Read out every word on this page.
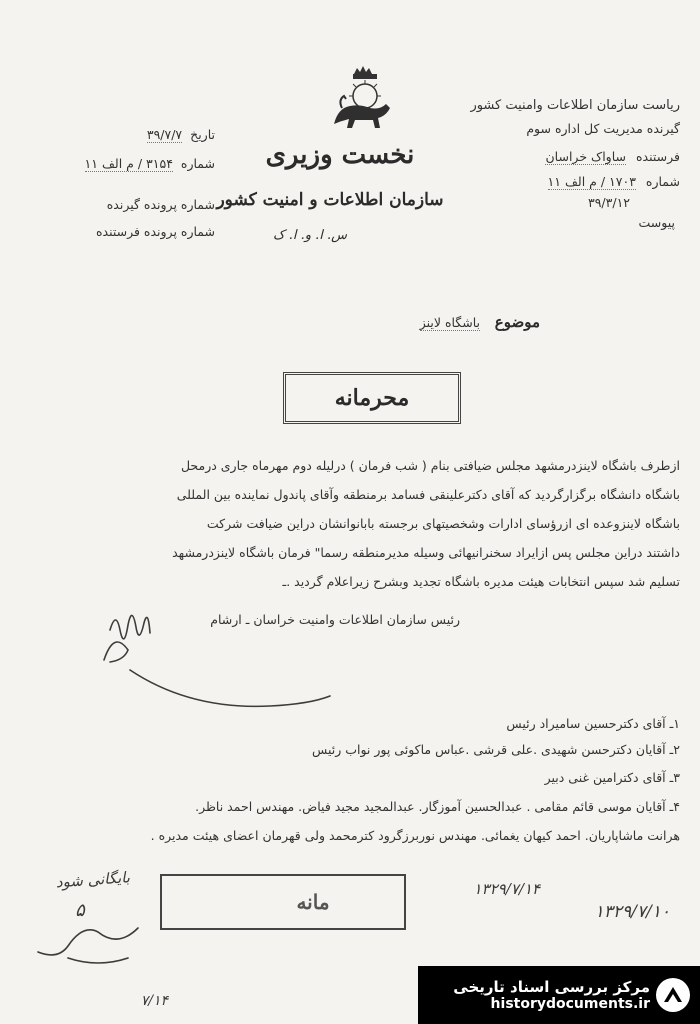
نخست وزیری
سازمان اطلاعات و امنیت کشور
س. ا. و. ا. ک
تاریخ ۳۹/۷/۷
شماره ۳۱۵۴ / م الف ۱۱
شماره پرونده گیرنده
شماره پرونده فرستنده
ریاست سازمان اطلاعات وامنیت کشور
گیرنده مدیریت کل اداره سوم
فرستنده ساواک خراسان
شماره ۱۷۰۳ / م الف ۱۱
۳۹/۳/۱۲
پیوست
موضوع باشگاه لاینز
محرمانه
ازطرف باشگاه لاینزدرمشهد مجلس ضیافتی بنام ( شب فرمان ) درلیله دوم مهرماه جاری درمحل
باشگاه دانشگاه برگزارگردید که آقای دکترعلینقی فسامد برمنطقه وآقای پاندول نماینده بین المللی
باشگاه لاینزوعده ای ازرؤسای ادارات وشخصیتهای برجسته بابانوانشان دراین ضیافت شرکت
داشتند دراین مجلس پس ازایراد سخنرانیهائی وسیله مدیرمنطقه رسما" فرمان باشگاه لاینزدرمشهد
تسلیم شد سپس انتخابات هیئت مدیره باشگاه تجدید وبشرح زیراعلام گردید .ـ
رئیس سازمان اطلاعات وامنیت خراسان ـ ارشام
۱ـ آقای دکترحسین سامیراد رئیس
۲ـ آقایان دکترحسن شهیدی .علی قرشی .عباس ماکوئی پور نواب رئیس
۳ـ آقای دکترامین غنی دبیر
۴ـ آقایان موسی قائم مقامی . عبدالحسین آموزگار. عبدالمجید مجید فیاض. مهندس احمد ناظر.
هرانت ماشاپاریان. احمد کیهان یغمائی. مهندس نوربرزگرود کترمحمد ولی قهرمان اعضای هیئت مدیره .
مانه
۱۳۲۹/۷/۱۴
۱۳۲۹/۷/۱۰
بایگانی شود
۵
۷/۱۴
مرکز بررسی اسناد تاریخی
historydocuments.ir
